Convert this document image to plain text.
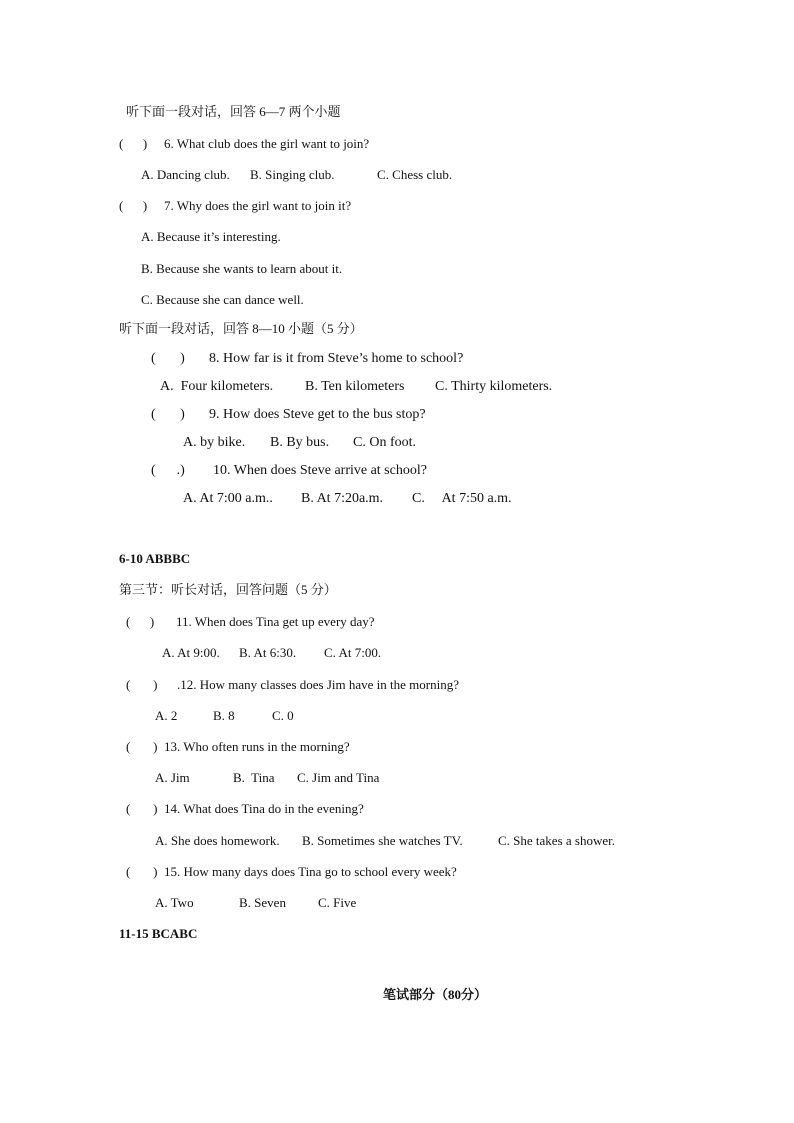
听下面一段对话，回答 6—7 两个小题
(      ) 6. What club does the girl want to join?
A. Dancing club. B. Singing club.	C. Chess club.
(      ) 7. Why does the girl want to join it?
A. Because it’s interesting.
B. Because she wants to learn about it.
C. Because she can dance well.
听下面一段对话，回答 8—10 小题（5 分）
(       ) 8. How far is it from Steve’s home to school?
A.  Four kilometers. B. Ten kilometers C. Thirty kilometers.
(       ) 9. How does Steve get to the bus stop?
A. by bike. B. By bus. C. On foot.
(      .) 10. When does Steve arrive at school?
A. At 7:00 a.m.. B. At 7:20a.m. C.     At 7:50 a.m.
6-10 ABBBC
第三节：听长对话，回答问题（5 分）
(      ) 11. When does Tina get up every day?
A. At 9:00. B. At 6:30. C. At 7:00.
(       ) .12. How many classes does Jim have in the morning?
A. 2	B. 8	C. 0
(       ) 13. Who often runs in the morning?
A. Jim	B.  Tina C. Jim and Tina
(       ) 14. What does Tina do in the evening?
A. She does homework. B. Sometimes she watches TV.	C. She takes a shower.
(       ) 15. How many days does Tina go to school every week?
A. Two	B. Seven C. Five
11-15 BCABC
笔试部分（80分）
